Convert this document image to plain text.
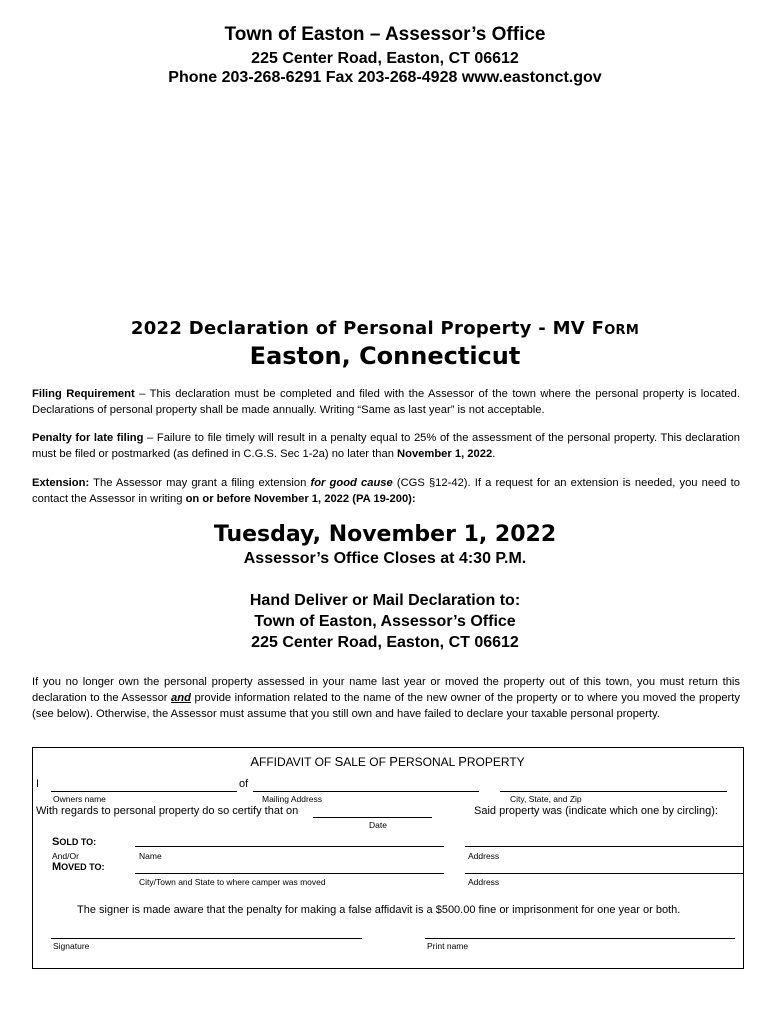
Town of Easton – Assessor’s Office
225 Center Road, Easton, CT 06612
Phone 203-268-6291 Fax 203-268-4928 www.eastonct.gov
2022 Declaration of Personal Property - MV FORM
Easton, Connecticut
Filing Requirement – This declaration must be completed and filed with the Assessor of the town where the personal property is located. Declarations of personal property shall be made annually. Writing “Same as last year” is not acceptable.
Penalty for late filing – Failure to file timely will result in a penalty equal to 25% of the assessment of the personal property. This declaration must be filed or postmarked (as defined in C.G.S. Sec 1-2a) no later than November 1, 2022.
Extension: The Assessor may grant a filing extension for good cause (CGS §12-42). If a request for an extension is needed, you need to contact the Assessor in writing on or before November 1, 2022 (PA 19-200):
Tuesday, November 1, 2022
Assessor’s Office Closes at 4:30 P.M.
Hand Deliver or Mail Declaration to:
Town of Easton, Assessor’s Office
225 Center Road, Easton, CT 06612
If you no longer own the personal property assessed in your name last year or moved the property out of this town, you must return this declaration to the Assessor and provide information related to the name of the new owner of the property or to where you moved the property (see below). Otherwise, the Assessor must assume that you still own and have failed to declare your taxable personal property.
AFFIDAVIT OF SALE OF PERSONAL PROPERTY
I	of
Owners name	Mailing Address	City, State, and Zip
With regards to personal property do so certify that on
Date
Said property was (indicate which one by circling):
SOLD TO:
And/Or	Name	Address
MOVED TO:
City/Town and State to where camper was moved	Address
The signer is made aware that the penalty for making a false affidavit is a $500.00 fine or imprisonment for one year or both.
Signature	Print name
